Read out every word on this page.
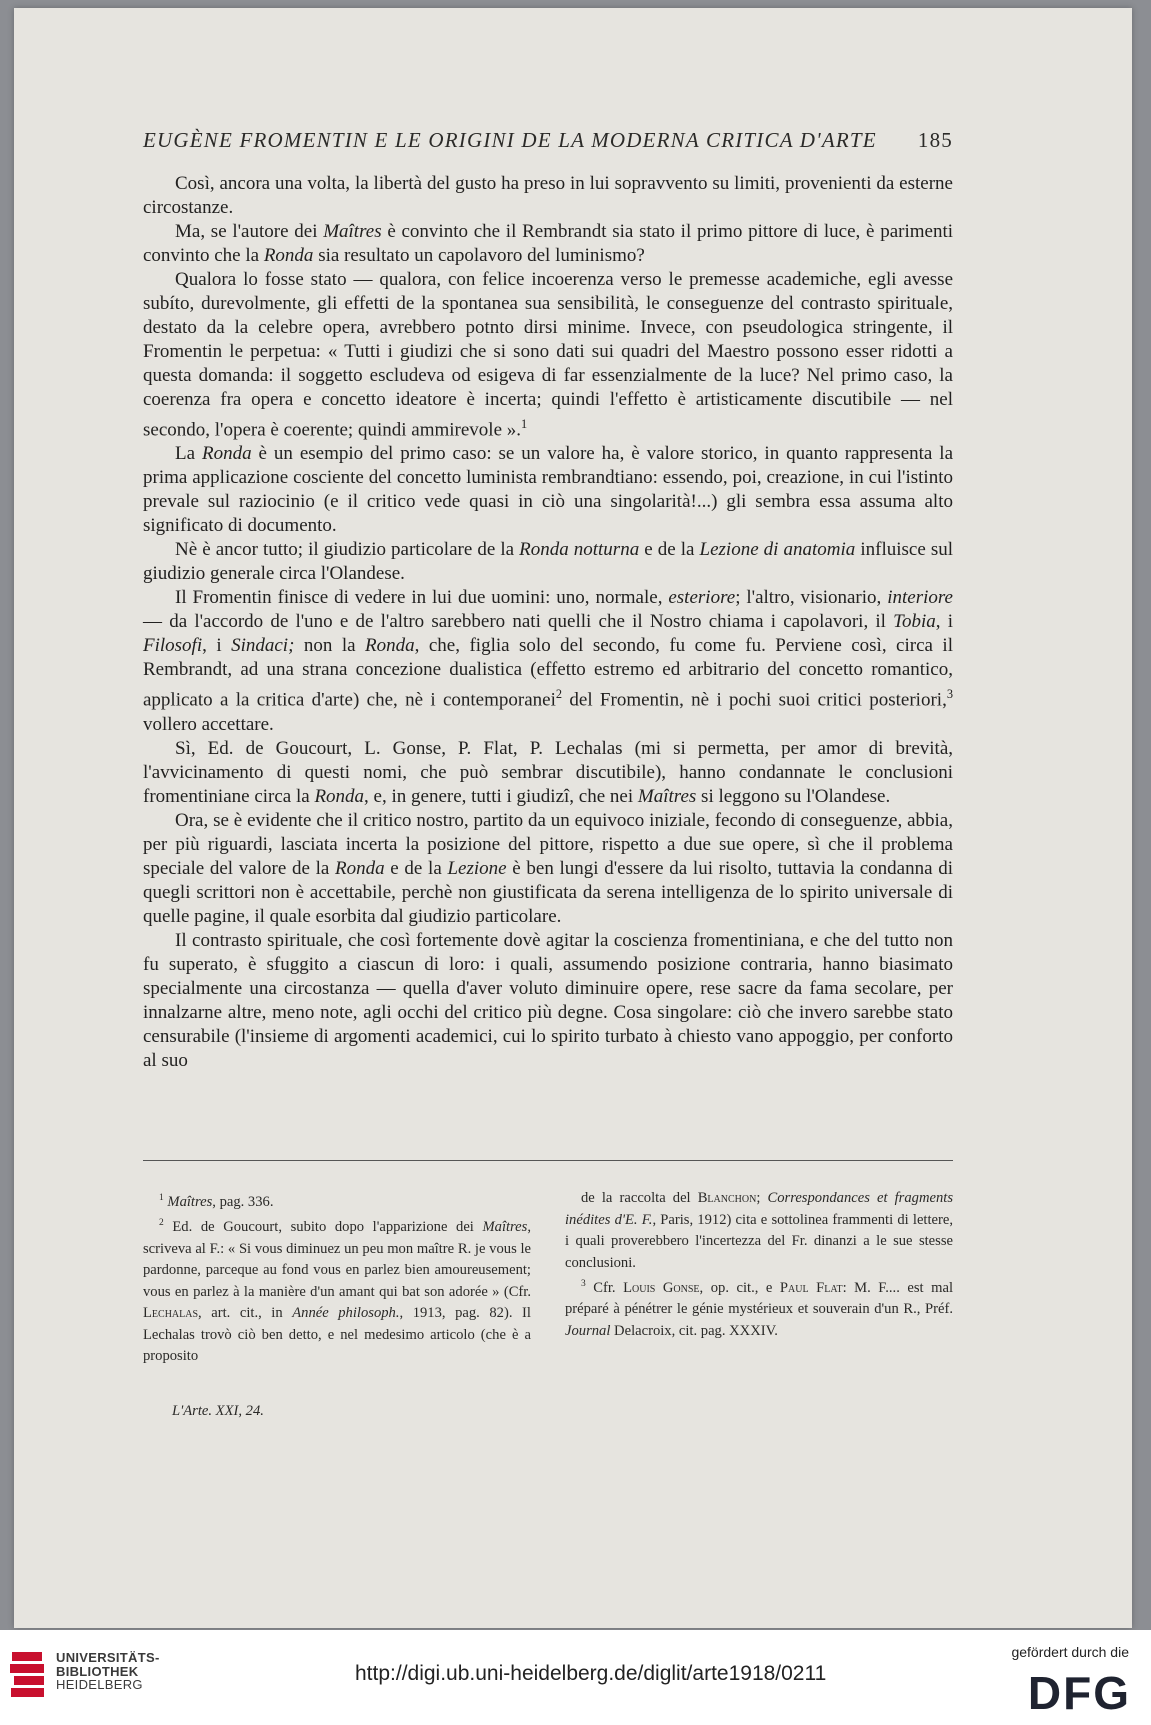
EUGÈNE FROMENTIN E LE ORIGINI DE LA MODERNA CRITICA D'ARTE 185

Così, ancora una volta, la libertà del gusto ha preso in lui sopravvento su limiti, provenienti da esterne circostanze.

Ma, se l'autore dei Maîtres è convinto che il Rembrandt sia stato il primo pittore di luce, è parimenti convinto che la Ronda sia resultato un capolavoro del luminismo?

Qualora lo fosse stato — qualora, con felice incoerenza verso le premesse academiche, egli avesse subíto, durevolmente, gli effetti de la spontanea sua sensibilità, le conseguenze del contrasto spirituale, destato da la celebre opera, avrebbero potnto dirsi minime. Invece, con pseudologica stringente, il Fromentin le perpetua: « Tutti i giudizi che si sono dati sui quadri del Maestro possono esser ridotti a questa domanda: il soggetto escludeva od esigeva di far essenzialmente de la luce? Nel primo caso, la coerenza fra opera e concetto ideatore è incerta; quindi l'effetto è artisticamente discutibile — nel secondo, l'opera è coerente; quindi ammirevole ».$^1$

La Ronda è un esempio del primo caso: se un valore ha, è valore storico, in quanto rappresenta la prima applicazione cosciente del concetto luminista rembrandtiano: essendo, poi, creazione, in cui l'istinto prevale sul raziocinio (e il critico vede quasi in ciò una singolarità!...) gli sembra essa assuma alto significato di documento.

Nè è ancor tutto; il giudizio particolare de la Ronda notturna e de la Lezione di anatomia influisce sul giudizio generale circa l'Olandese.

Il Fromentin finisce di vedere in lui due uomini: uno, normale, esteriore; l'altro, visionario, interiore — da l'accordo de l'uno e de l'altro sarebbero nati quelli che il Nostro chiama i capolavori, il Tobia, i Filosofi, i Sindaci; non la Ronda, che, figlia solo del secondo, fu come fu. Perviene così, circa il Rembrandt, ad una strana concezione dualistica (effetto estremo ed arbitrario del concetto romantico, applicato a la critica d'arte) che, nè i contemporanei$^2$ del Fromentin, nè i pochi suoi critici posteriori,$^3$ vollero accettare.

Sì, Ed. de Goucourt, L. Gonse, P. Flat, P. Lechalas (mi si permetta, per amor di brevità, l'avvicinamento di questi nomi, che può sembrar discutibile), hanno condannate le conclusioni fromentiniane circa la Ronda, e, in genere, tutti i giudizî, che nei Maîtres si leggono su l'Olandese.

Ora, se è evidente che il critico nostro, partito da un equivoco iniziale, fecondo di conseguenze, abbia, per più riguardi, lasciata incerta la posizione del pittore, rispetto a due sue opere, sì che il problema speciale del valore de la Ronda e de la Lezione è ben lungi d'essere da lui risolto, tuttavia la condanna di quegli scrittori non è accettabile, perchè non giustificata da serena intelligenza de lo spirito universale di quelle pagine, il quale esorbita dal giudizio particolare.

Il contrasto spirituale, che così fortemente dovè agitar la coscienza fromentiniana, e che del tutto non fu superato, è sfuggito a ciascun di loro: i quali, assumendo posizione contraria, hanno biasimato specialmente una circostanza — quella d'aver voluto diminuire opere, rese sacre da fama secolare, per innalzarne altre, meno note, agli occhi del critico più degne. Cosa singolare: ciò che invero sarebbe stato censurabile (l'insieme di argomenti academici, cui lo spirito turbato à chiesto vano appoggio, per conforto al suo

$^1$ Maîtres, pag. 336.

$^2$ Ed. de Goucourt, subito dopo l'apparizione dei Maîtres, scriveva al F.: « Si vous diminuez un peu mon maître R. je vous le pardonne, parceque au fond vous en parlez bien amoureusement; vous en parlez à la manière d'un amant qui bat son adorée » (Cfr. Lechalas, art. cit., in Année philosoph., 1913, pag. 82). Il Lechalas trovò ciò ben detto, e nel medesimo articolo (che è a proposito

de la raccolta del Blanchon; Correspondances et fragments inédites d'E. F., Paris, 1912) cita e sottolinea frammenti di lettere, i quali proverebbero l'incertezza del Fr. dinanzi a le sue stesse conclusioni.

$^3$ Cfr. Louis Gonse, op. cit., e Paul Flat: M. F.... est mal préparé à pénétrer le génie mystérieux et souverain d'un R., Préf. Journal Delacroix, cit. pag. XXXIV.

L'Arte. XXI, 24.
UNIVERSITÄTS-
BIBLIOTHEK
HEIDELBERG	http://digi.ub.uni-heidelberg.de/diglit/arte1918/0211
gefördert durch die
DFG
